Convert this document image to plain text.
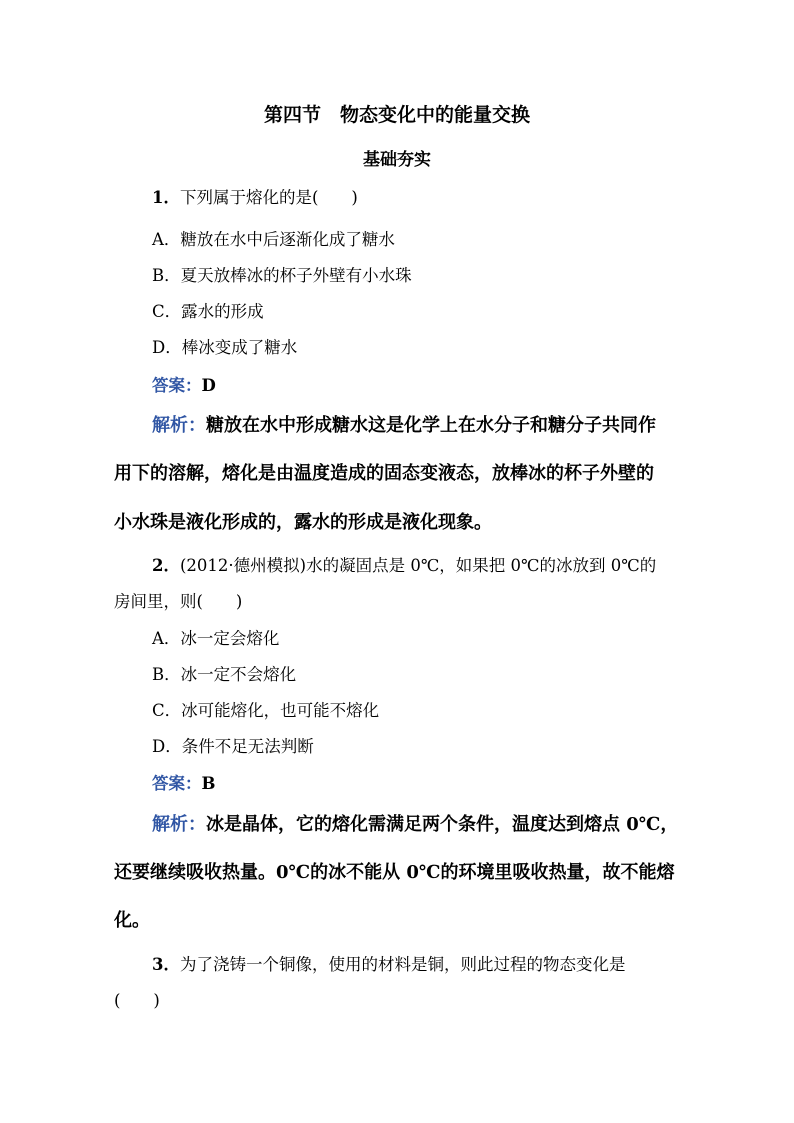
第四节　物态变化中的能量交换
基础夯实
1．下列属于熔化的是(　　)
A．糖放在水中后逐渐化成了糖水
B．夏天放棒冰的杯子外壁有小水珠
C．露水的形成
D．棒冰变成了糖水
答案：D
解析：糖放在水中形成糖水这是化学上在水分子和糖分子共同作
用下的溶解，熔化是由温度造成的固态变液态，放棒冰的杯子外壁的
小水珠是液化形成的，露水的形成是液化现象。
2．(2012·德州模拟)水的凝固点是 0℃，如果把 0℃的冰放到 0℃的
房间里，则(　　)
A．冰一定会熔化
B．冰一定不会熔化
C．冰可能熔化，也可能不熔化
D．条件不足无法判断
答案：B
解析：冰是晶体，它的熔化需满足两个条件，温度达到熔点 0℃，
还要继续吸收热量。0℃的冰不能从 0℃的环境里吸收热量，故不能熔
化。
3．为了浇铸一个铜像，使用的材料是铜，则此过程的物态变化是
(　　)
